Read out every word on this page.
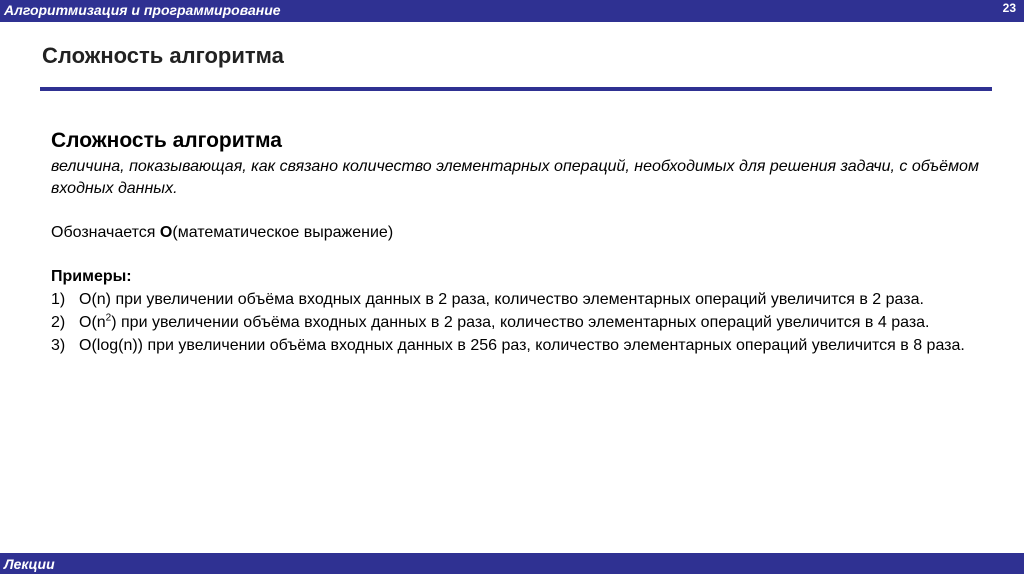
Алгоритмизация и программирование	23
Сложность алгоритма
Сложность алгоритма

величина, показывающая, как связано количество элементарных операций, необходимых для решения задачи, с объёмом входных данных.

Обозначается O(математическое выражение)
Примеры:
1) O(n) при увеличении объёма входных данных в 2 раза, количество элементарных операций увеличится в 2 раза.
2) $O(n^2)$ при увеличении объёма входных данных в 2 раза, количество элементарных операций увеличится в 4 раза.
3) O(log(n)) при увеличении объёма входных данных в 256 раз, количество элементарных операций увеличится в 8 раза.
Лекции
